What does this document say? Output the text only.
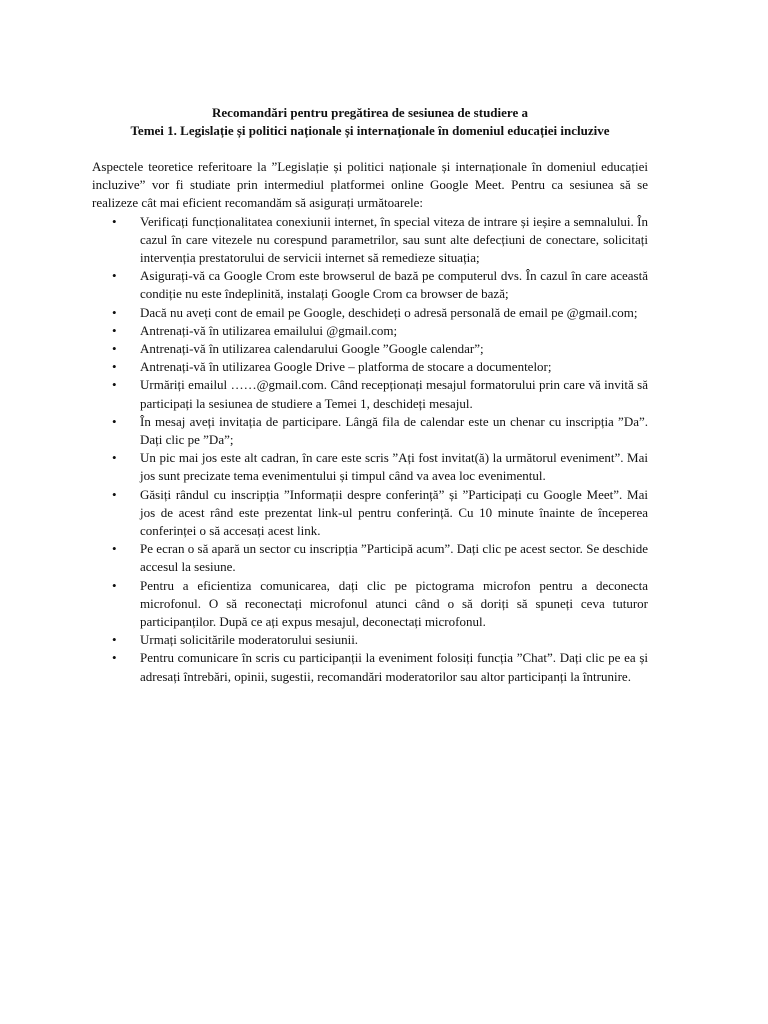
Recomandări pentru pregătirea de sesiunea de studiere a
Temei 1. Legislație și politici naționale și internaționale în domeniul educației incluzive

Aspectele teoretice referitoare la ”Legislație și politici naționale și internaționale în domeniul educației incluzive” vor fi studiate prin intermediul platformei online Google Meet. Pentru ca sesiunea să se realizeze cât mai eficient recomandăm să asigurați următoarele:

• Verificați funcționalitatea conexiunii internet, în special viteza de intrare și ieșire a semnalului. În cazul în care vitezele nu corespund parametrilor, sau sunt alte defecțiuni de conectare, solicitați intervenția prestatorului de servicii internet să remedieze situația;
• Asigurați-vă ca Google Crom este browserul de bază pe computerul dvs. În cazul în care această condiție nu este îndeplinită, instalați Google Crom ca browser de bază;
• Dacă nu aveți cont de email pe Google, deschideți o adresă personală de email pe @gmail.com;
• Antrenați-vă în utilizarea emailului @gmail.com;
• Antrenați-vă în utilizarea calendarului Google ”Google calendar”;
• Antrenați-vă în utilizarea Google Drive – platforma de stocare a documentelor;
• Urmăriți emailul ……@gmail.com. Când recepționați mesajul formatorului prin care vă invită să participați la sesiunea de studiere a Temei 1, deschideți mesajul.
• În mesaj aveți invitația de participare. Lângă fila de calendar este un chenar cu inscripția ”Da”. Dați clic pe ”Da”;
• Un pic mai jos este alt cadran, în care este scris ”Ați fost invitat(ă) la următorul eveniment”. Mai jos sunt precizate tema evenimentului și timpul când va avea loc evenimentul.
• Găsiți rândul cu inscripția ”Informații despre conferință” și ”Participați cu Google Meet”. Mai jos de acest rând este prezentat link-ul pentru conferință. Cu 10 minute înainte de începerea conferinței o să accesați acest link.
• Pe ecran o să apară un sector cu inscripția ”Participă acum”. Dați clic pe acest sector. Se deschide accesul la sesiune.
• Pentru a eficientiza comunicarea, dați clic pe pictograma microfon pentru a deconecta microfonul. O să reconectați microfonul atunci când o să doriți să spuneți ceva tuturor participanților. După ce ați expus mesajul, deconectați microfonul.
• Urmați solicitările moderatorului sesiunii.
• Pentru comunicare în scris cu participanții la eveniment folosiți funcția ”Chat”. Dați clic pe ea și adresați întrebări, opinii, sugestii, recomandări moderatorilor sau altor participanți la întrunire.
